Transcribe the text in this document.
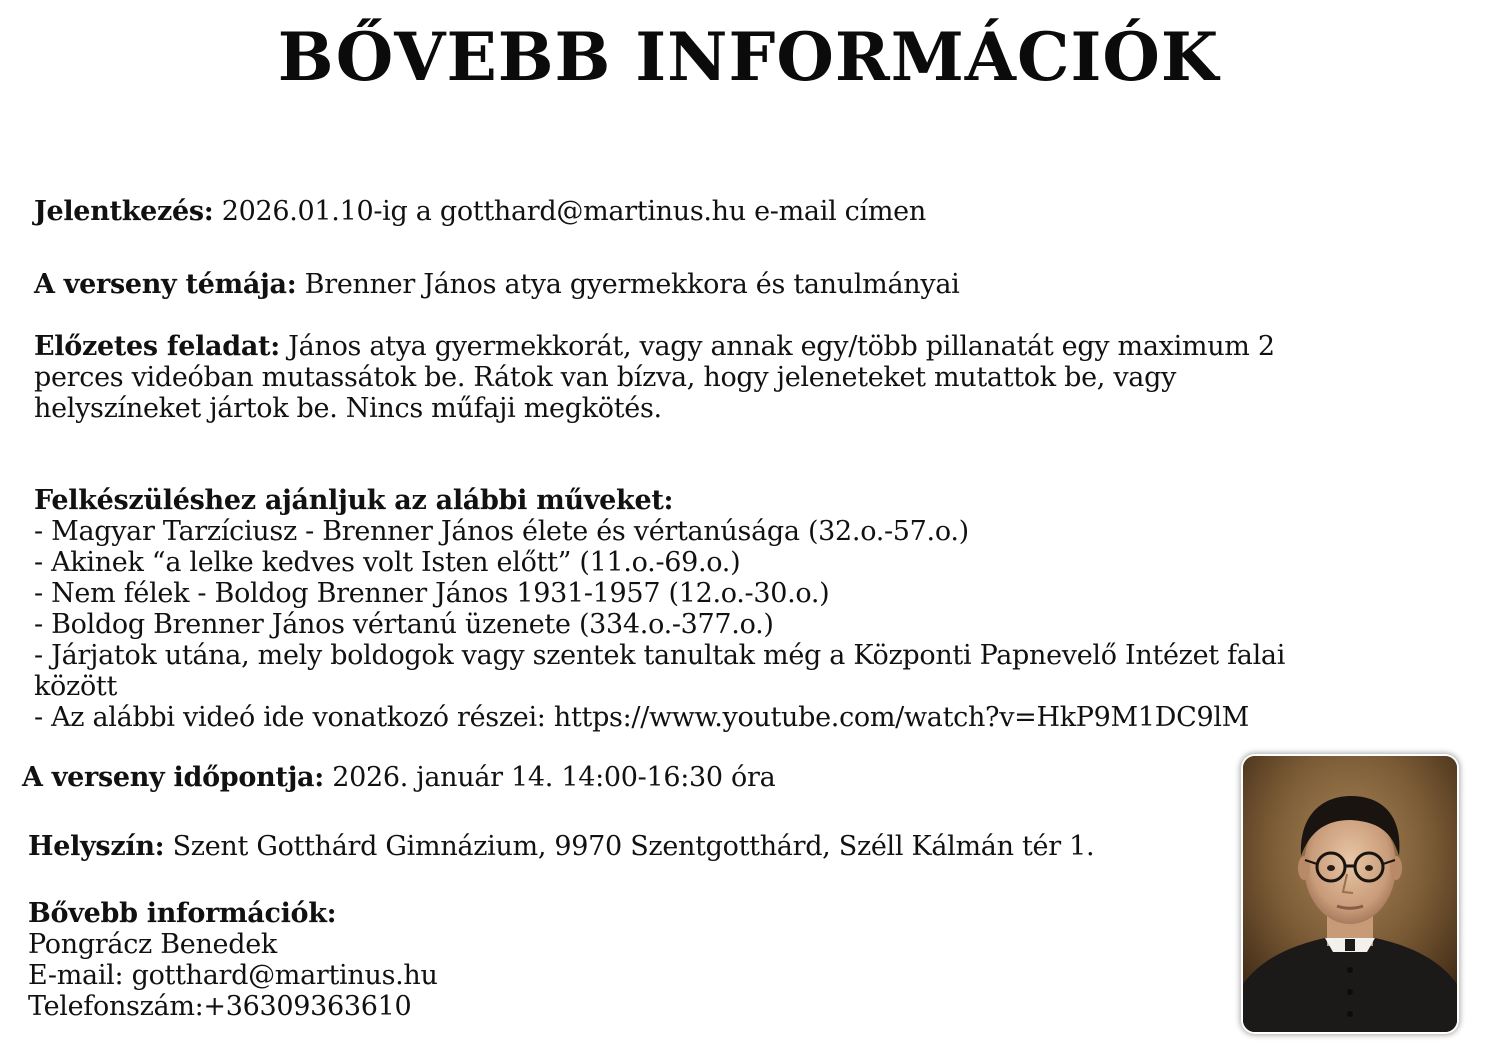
BŐVEBB INFORMÁCIÓK
Jelentkezés: 2026.01.10-ig a gotthard@martinus.hu e-mail címen
A verseny témája: Brenner János atya gyermekkora és tanulmányai
Előzetes feladat: János atya gyermekkorát, vagy annak egy/több pillanatát egy maximum 2
perces videóban mutassátok be. Rátok van bízva, hogy jeleneteket mutattok be, vagy
helyszíneket jártok be. Nincs műfaji megkötés.
Felkészüléshez ajánljuk az alábbi műveket:
- Magyar Tarzíciusz - Brenner János élete és vértanúsága (32.o.-57.o.)
- Akinek “a lelke kedves volt Isten előtt” (11.o.-69.o.)
- Nem félek - Boldog Brenner János 1931-1957 (12.o.-30.o.)
- Boldog Brenner János vértanú üzenete (334.o.-377.o.)
- Járjatok utána, mely boldogok vagy szentek tanultak még a Központi Papnevelő Intézet falai
között
- Az alábbi videó ide vonatkozó részei: https://www.youtube.com/watch?v=HkP9M1DC9lM
A verseny időpontja: 2026. január 14. 14:00-16:30 óra
Helyszín: Szent Gotthárd Gimnázium, 9970 Szentgotthárd, Széll Kálmán tér 1.
Bővebb információk:
Pongrácz Benedek
E-mail: gotthard@martinus.hu
Telefonszám:+36309363610
